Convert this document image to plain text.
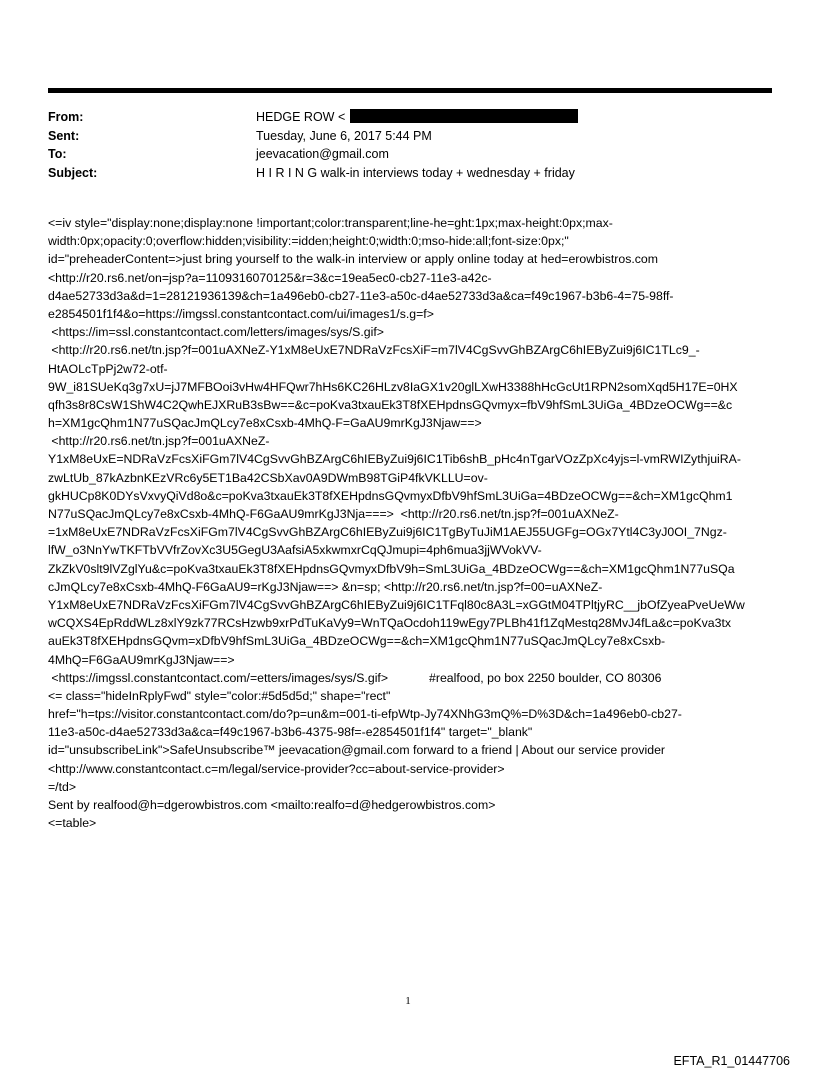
From:	HEDGE ROW <
Sent:	Tuesday, June 6, 2017 5:44 PM
To:	jeevacation@gmail.com
Subject:	H I R I N G walk-in interviews today + wednesday + friday
<=iv style="display:none;display:none !important;color:transparent;line-he=ght:1px;max-height:0px;max-
width:0px;opacity:0;overflow:hidden;visibility:=idden;height:0;width:0;mso-hide:all;font-size:0px;"
id="preheaderContent=>just bring yourself to the walk-in interview or apply online today at hed=erowbistros.com
<http://r20.rs6.net/on=jsp?a=1109316070125&r=3&c=19ea5ec0-cb27-11e3-a42c-
d4ae52733d3a&d=1=28121936139&ch=1a496eb0-cb27-11e3-a50c-d4ae52733d3a&ca=f49c1967-b3b6-4=75-98ff-
e2854501f1f4&o=https://imgssl.constantcontact.com/ui/images1/s.g=f>
<https://im=ssl.constantcontact.com/letters/images/sys/S.gif>
<http://r20.rs6.net/tn.jsp?f=001uAXNeZ-Y1xM8eUxE7NDRaVzFcsXiF=m7lV4CgSvvGhBZArgC6hIEByZui9j6IC1TLc9_-
HtAOLcTpPj2w72-otf-
9W_i81SUeKq3g7xU=jJ7MFBOoi3vHw4HFQwr7hHs6KC26HLzv8IaGX1v20glLXwH3388hHcGcUt1RPN2somXqd5H17E=0HX
qfh3s8r8CsW1ShW4C2QwhEJXRuB3sBw==&c=poKva3txauEk3T8fXEHpdnsGQvmyx=fbV9hfSmL3UiGa_4BDzeOCWg==&c
h=XM1gcQhm1N77uSQacJmQLcy7e8xCsxb-4MhQ-F=GaAU9mrKgJ3Njaw==>
<http://r20.rs6.net/tn.jsp?f=001uAXNeZ-
Y1xM8eUxE=NDRaVzFcsXiFGm7lV4CgSvvGhBZArgC6hIEByZui9j6IC1Tib6shB_pHc4nTgarVOzZpXc4yjs=l-vmRWIZythjuiRA-
zwLtUb_87kAzbnKEzVRc6y5ET1Ba42CSbXav0A9DWmB98TGiP4fkVKLLU=ov-
gkHUCp8K0DYsVxvyQiVd8o&c=poKva3txauEk3T8fXEHpdnsGQvmyxDfbV9hfSmL3UiGa=4BDzeOCWg==&ch=XM1gcQhm1
N77uSQacJmQLcy7e8xCsxb-4MhQ-F6GaAU9mrKgJ3Nja===>  <http://r20.rs6.net/tn.jsp?f=001uAXNeZ-
=1xM8eUxE7NDRaVzFcsXiFGm7lV4CgSvvGhBZArgC6hIEByZui9j6IC1TgByTuJiM1AEJ55UGFg=OGx7Ytl4C3yJ0OI_7Ngz-
lfW_o3NnYwTKFTbVVfrZovXc3U5GegU3AafsiA5xkwmxrCqQJmupi=4ph6mua3jjWVokVV-
ZkZkV0slt9lVZglYu&c=poKva3txauEk3T8fXEHpdnsGQvmyxDfbV9h=SmL3UiGa_4BDzeOCWg==&ch=XM1gcQhm1N77uSQa
cJmQLcy7e8xCsxb-4MhQ-F6GaAU9=rKgJ3Njaw==> &n=sp; <http://r20.rs6.net/tn.jsp?f=00=uAXNeZ-
Y1xM8eUxE7NDRaVzFcsXiFGm7lV4CgSvvGhBZArgC6hIEByZui9j6IC1TFql80c8A3L=xGGtM04TPltjyRC__jbOfZyeaPveUeWw
wCQXS4EpRddWLz8xlY9zk77RCsHzwb9xrPdTuKaVy9=WnTQaOcdoh119wEgy7PLBh41f1ZqMestq28MvJ4fLa&c=poKva3tx
auEk3T8fXEHpdnsGQvm=xDfbV9hfSmL3UiGa_4BDzeOCWg==&ch=XM1gcQhm1N77uSQacJmQLcy7e8xCsxb-
4MhQ=F6GaAU9mrKgJ3Njaw==>
<https://imgssl.constantcontact.com/=etters/images/sys/S.gif>            #realfood, po box 2250 boulder, CO 80306
<= class="hideInRplyFwd" style="color:#5d5d5d;" shape="rect"
href="h=tps://visitor.constantcontact.com/do?p=un&m=001-ti-efpWtp-Jy74XNhG3mQ%=D%3D&ch=1a496eb0-cb27-
11e3-a50c-d4ae52733d3a&ca=f49c1967-b3b6-4375-98f=-e2854501f1f4" target="_blank"
id="unsubscribeLink">SafeUnsubscribe™ jeevacation@gmail.com forward to a friend | About our service provider
<http://www.constantcontact.c=m/legal/service-provider?cc=about-service-provider>
=/td>
Sent by realfood@h=dgerowbistros.com <mailto:realfo=d@hedgerowbistros.com>
<=table>
1
EFTA_R1_01447706
